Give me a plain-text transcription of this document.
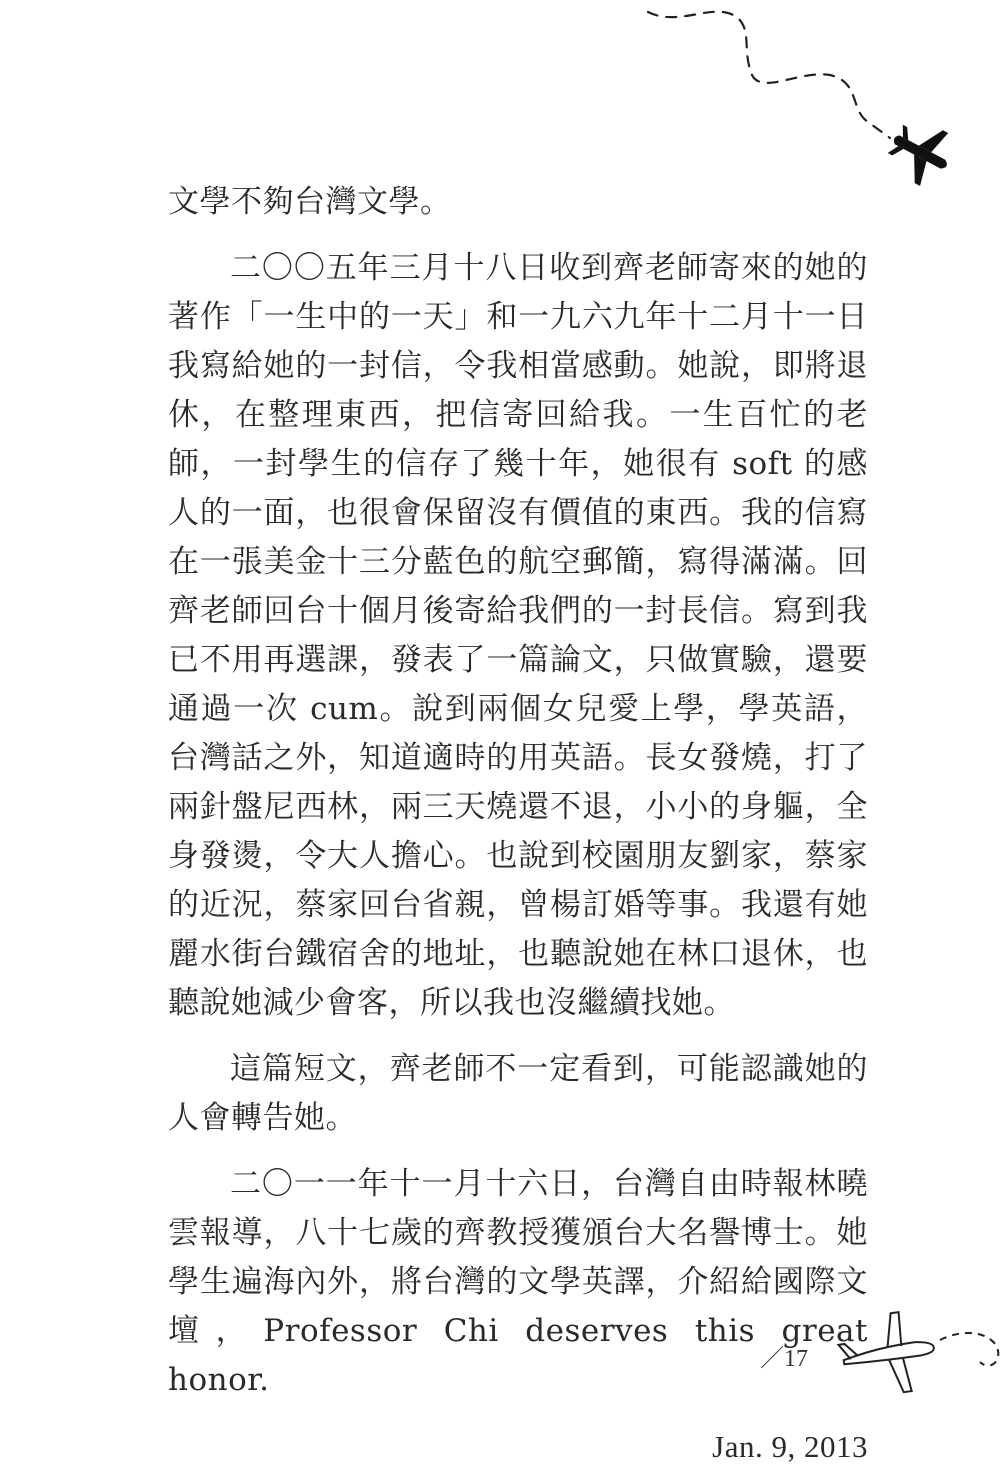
文學不夠台灣文學。

二〇〇五年三月十八日收到齊老師寄來的她的著作「一生中的一天」和一九六九年十二月十一日我寫給她的一封信，令我相當感動。她說，即將退休，在整理東西，把信寄回給我。一生百忙的老師，一封學生的信存了幾十年，她很有 soft 的感人的一面，也很會保留沒有價值的東西。我的信寫在一張美金十三分藍色的航空郵簡，寫得滿滿。回齊老師回台十個月後寄給我們的一封長信。寫到我已不用再選課，發表了一篇論文，只做實驗，還要通過一次 cum。說到兩個女兒愛上學，學英語，台灣話之外，知道適時的用英語。長女發燒，打了兩針盤尼西林，兩三天燒還不退，小小的身軀，全身發燙，令大人擔心。也說到校園朋友劉家，蔡家的近況，蔡家回台省親，曾楊訂婚等事。我還有她麗水街台鐵宿舍的地址，也聽說她在林口退休，也聽說她減少會客，所以我也沒繼續找她。

這篇短文，齊老師不一定看到，可能認識她的人會轉告她。

二〇一一年十一月十六日，台灣自由時報林曉雲報導，八十七歲的齊教授獲頒台大名譽博士。她學生遍海內外，將台灣的文學英譯，介紹給國際文壇，Professor Chi deserves this great honor.

Jan. 9, 2013

／17
